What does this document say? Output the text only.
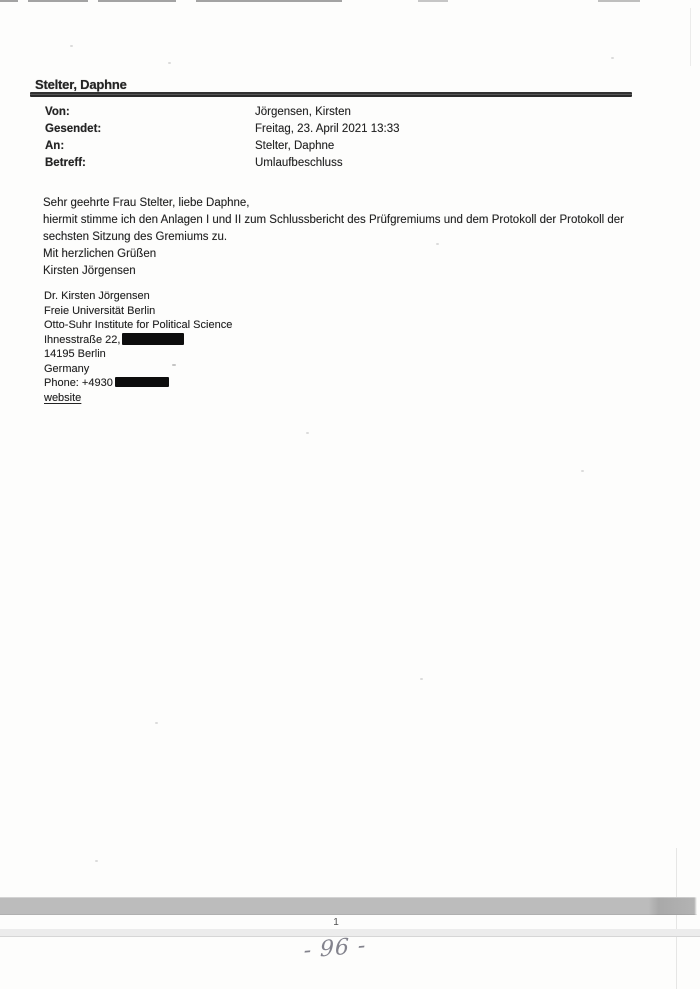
Stelter, Daphne
Von:	Jörgensen, Kirsten
Gesendet:	Freitag, 23. April 2021 13:33
An:	Stelter, Daphne
Betreff:	Umlaufbeschluss
Sehr geehrte Frau Stelter, liebe Daphne,
hiermit stimme ich den Anlagen I und II zum Schlussbericht des Prüfgremiums und dem Protokoll der Protokoll der
sechsten Sitzung des Gremiums zu.
Mit herzlichen Grüßen
Kirsten Jörgensen
Dr. Kirsten Jörgensen
Freie Universität Berlin
Otto-Suhr Institute for Political Science
Ihnesstraße 22,
14195 Berlin
Germany
Phone: +4930
website
1
- 96 -
